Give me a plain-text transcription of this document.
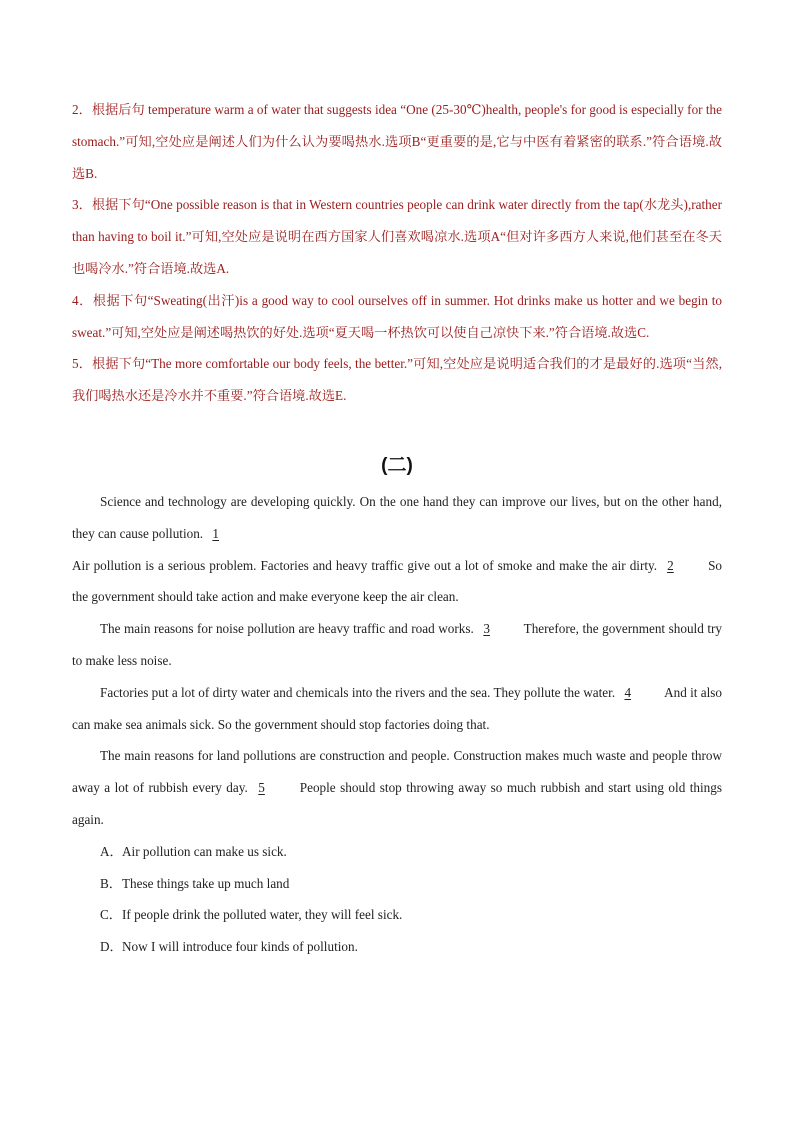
2．根据后句 temperature warm a of water that suggests idea “One (25-30℃)health, people's for good is especially for the stomach.”可知,空处应是阐述人们为什么认为要喝热水.选项B“更重要的是,它与中医有着紧密的联系.”符合语境.故选B.

3．根据下句“One possible reason is that in Western countries people can drink water directly from the tap(水龙头),rather than having to boil it.”可知,空处应是说明在西方国家人们喜欢喝凉水.选项A“但对许多西方人来说,他们甚至在冬天也喝冷水.”符合语境.故选A.

4．根据下句“Sweating(出汗)is a good way to cool ourselves off in summer. Hot drinks make us hotter and we begin to sweat.”可知,空处应是阐述喝热饮的好处.选项“夏天喝一杯热饮可以使自己凉快下来.”符合语境.故选C.

5．根据下句“The more comfortable our body feels, the better.”可知,空处应是说明适合我们的才是最好的.选项“当然,我们喝热水还是冷水并不重要.”符合语境.故选E.

(二)

Science and technology are developing quickly. On the one hand they can improve our lives, but on the other hand, they can cause pollution. 1

Air pollution is a serious problem. Factories and heavy traffic give out a lot of smoke and make the air dirty. 2	So the government should take action and make everyone keep the air clean.

The main reasons for noise pollution are heavy traffic and road works. 3	Therefore, the government should try to make less noise.

Factories put a lot of dirty water and chemicals into the rivers and the sea. They pollute the water. 4	And it also can make sea animals sick. So the government should stop factories doing that.

The main reasons for land pollutions are construction and people. Construction makes much waste and people throw away a lot of rubbish every day. 5	People should stop throwing away so much rubbish and start using old things again.

A．Air pollution can make us sick.

B．These things take up much land

C．If people drink the polluted water, they will feel sick.

D．Now I will introduce four kinds of pollution.
